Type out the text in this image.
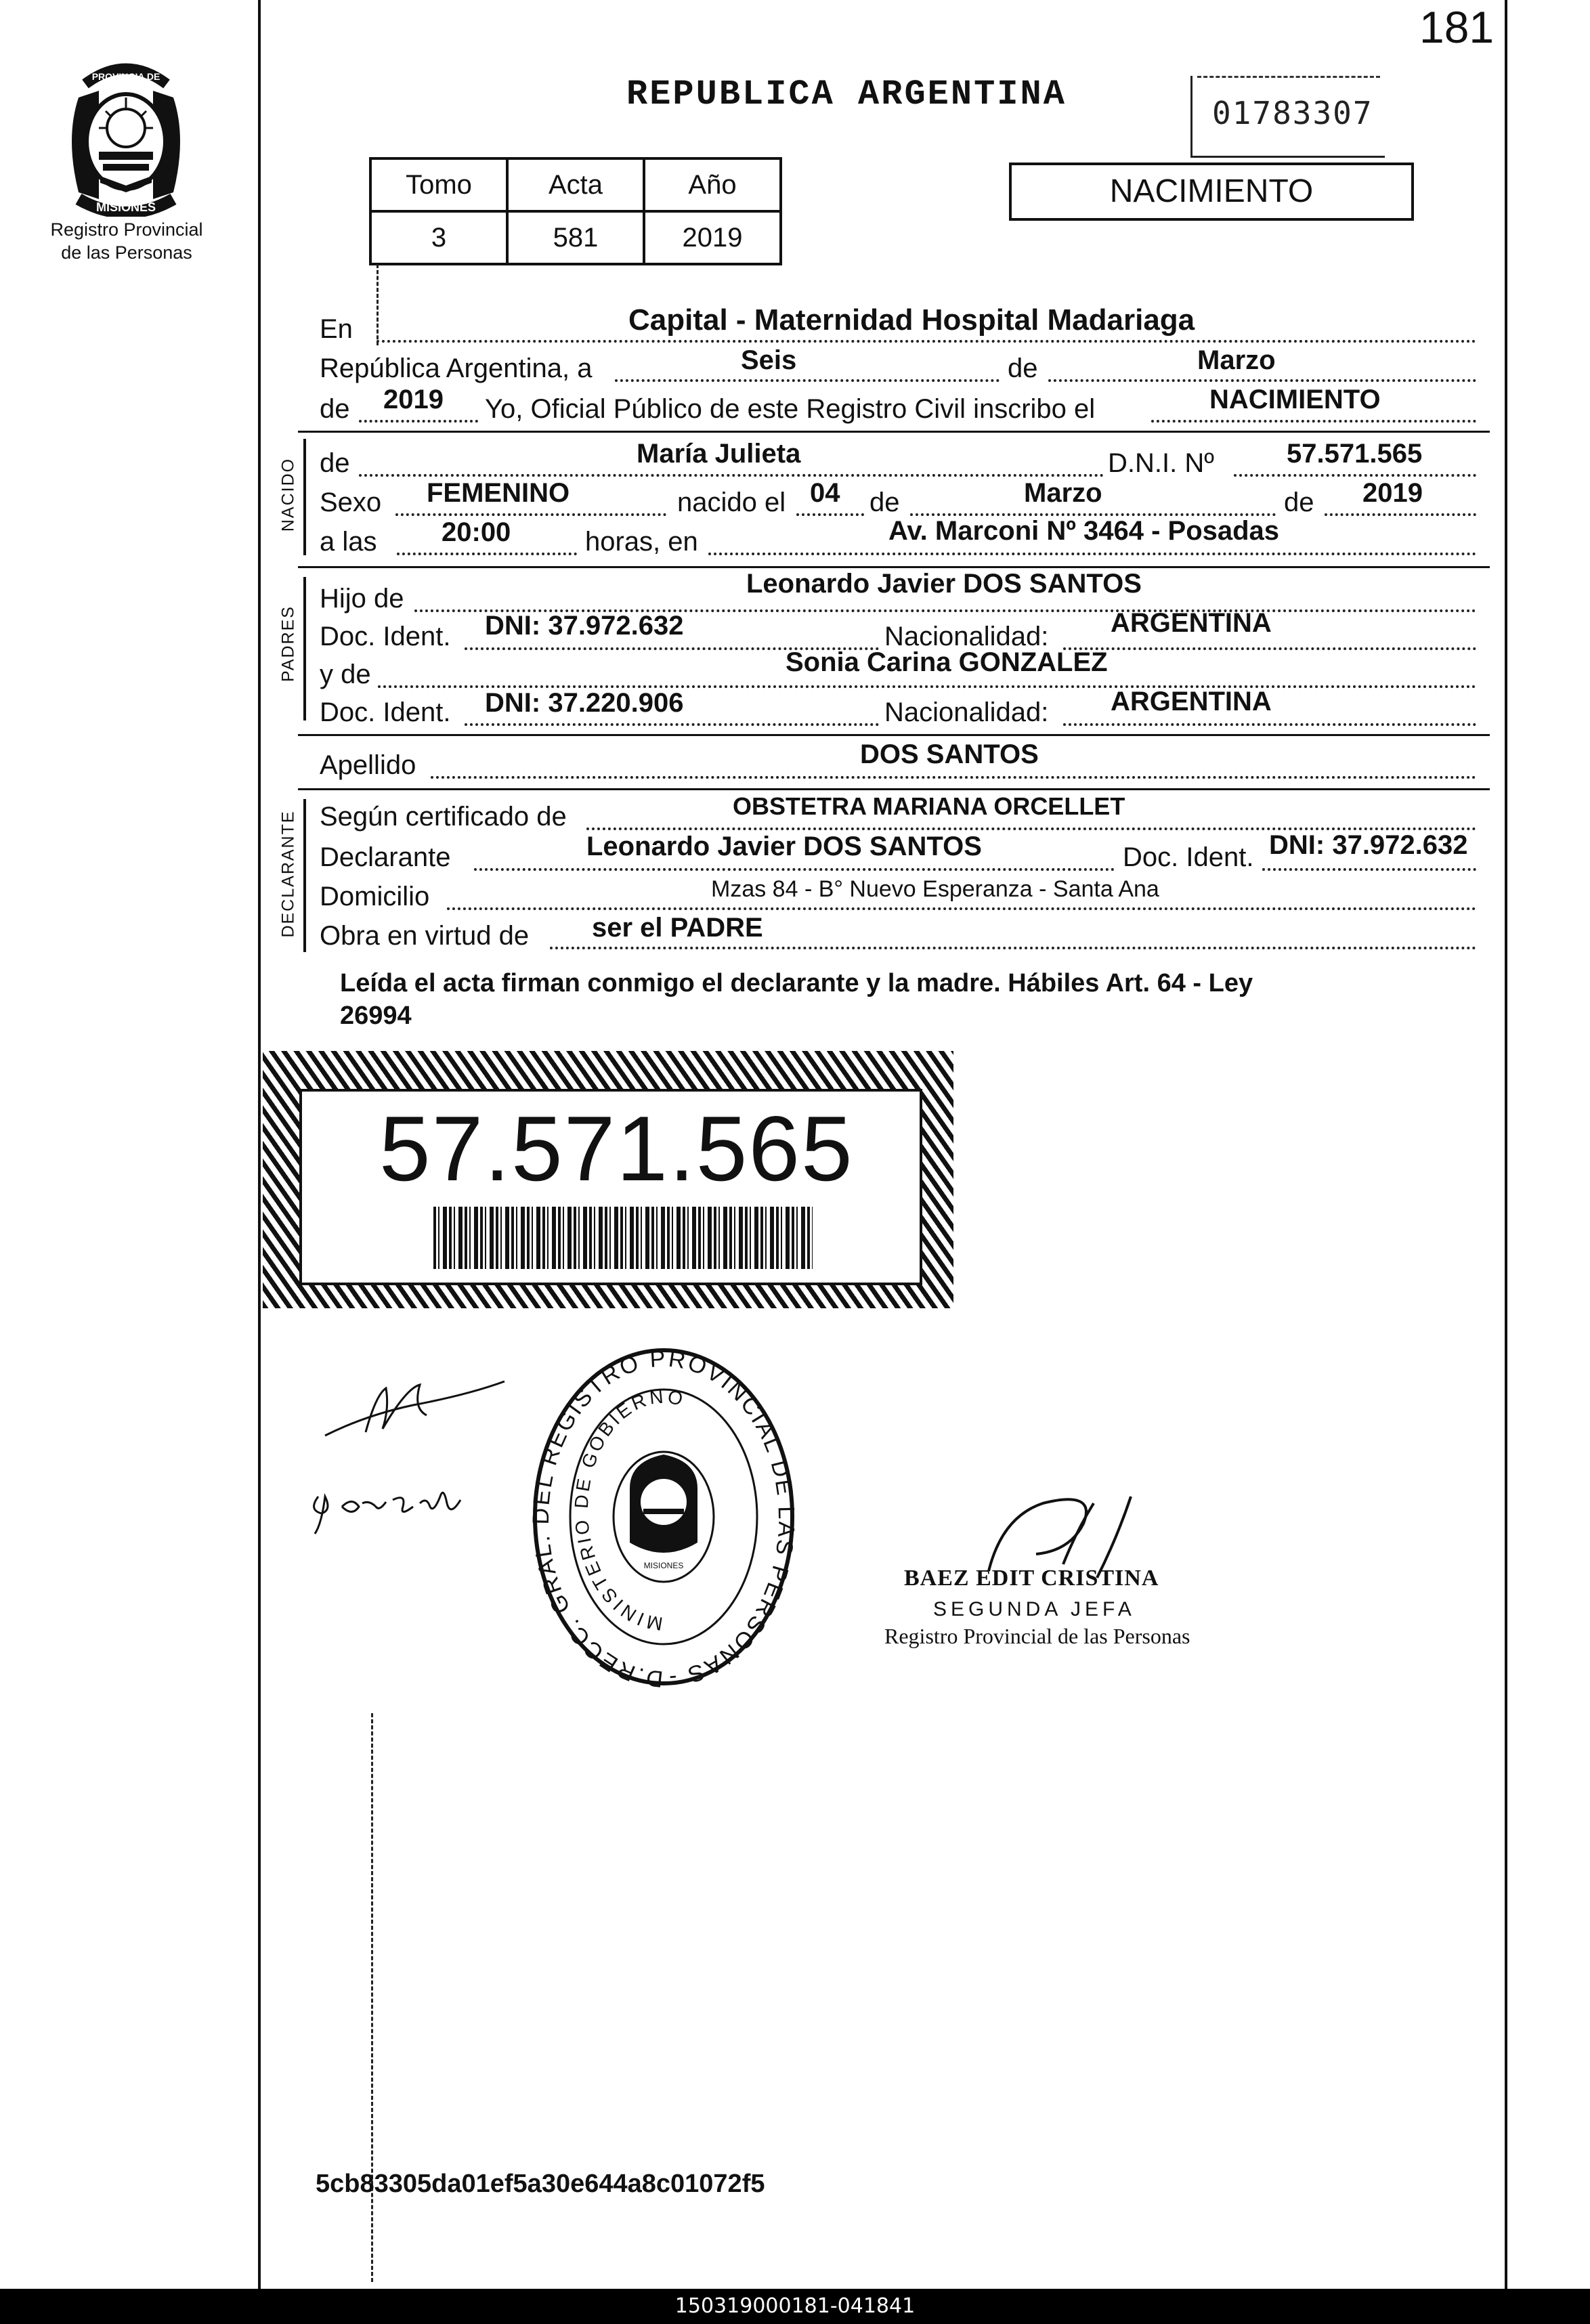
181
PROVINCIA DE
MISIONES
Registro Provincial
de las Personas
REPUBLICA ARGENTINA	01783307
NACIMIENTO
Tomo	Acta	Año
3	581	2019
En	Capital - Maternidad Hospital Madariaga
República Argentina, a	Seis	de	Marzo
de 2019 Yo, Oficial Público de este Registro Civil inscribo el	NACIMIENTO
NACIDO de	María Julieta	D.N.I. Nº	57.571.565
Sexo FEMENINO	nacido el 04 de	Marzo	de 2019
a las 20:00	horas, en	Av. Marconi Nº 3464 - Posadas
PADRES
Hijo de	Leonardo Javier DOS SANTOS
Doc. Ident. DNI: 37.972.632	Nacionalidad: ARGENTINA
y de	Sonia Carina GONZALEZ
Doc. Ident. DNI: 37.220.906	Nacionalidad: ARGENTINA
Apellido	DOS SANTOS
DECLARANTE Según certificado de	OBSTETRA MARIANA ORCELLET
Declarante	Leonardo Javier DOS SANTOS	Doc. Ident. DNI: 37.972.632
Domicilio	Mzas 84 - B° Nuevo Esperanza - Santa Ana
Obra en virtud de ser el PADRE
Leída el acta firman conmigo el declarante y la madre. Hábiles Art. 64 - Ley
26994
57.571.565
D.RECC. GRAL. DEL REGISTRO PROVINCIAL DE LAS PERSONAS -
MINISTERIO DE GOBIERNO
MISIONES	BAEZ EDIT CRISTINA
SEGUNDA JEFA
Registro Provincial de las Personas
5cb83305da01ef5a30e644a8c01072f5
150319000181-041841
